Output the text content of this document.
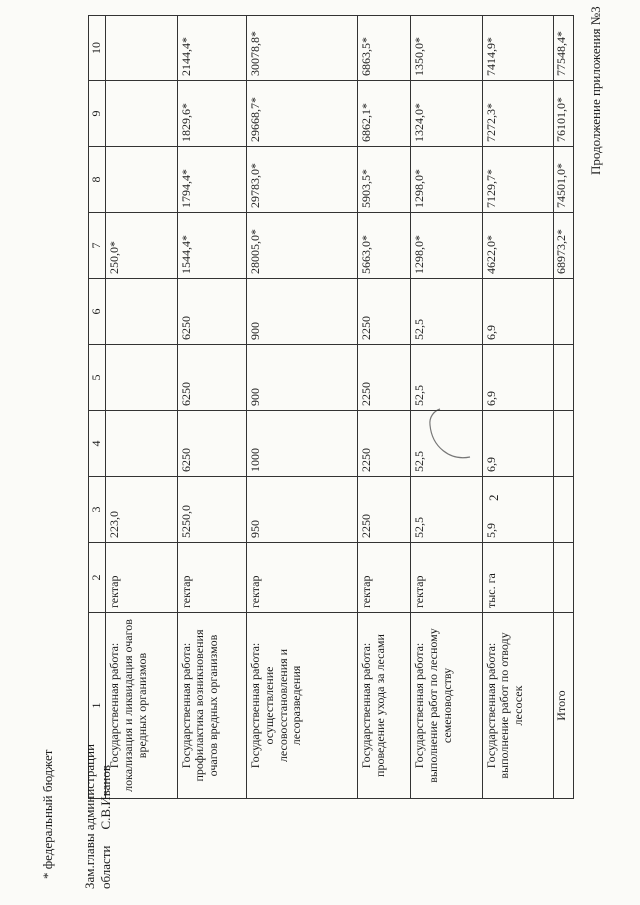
2
Продолжение приложения №3
1	2	3	4	5	6	7	8	9	10
Государственная работа: локализация и ликвидация очагов вредных организмов	гектар	223,0				250,0*			
Государственная работа: профилактика возникновения очагов вредных организмов	гектар	5250,0	6250	6250	6250	1544,4*	1794,4*	1829,6*	2144,4*
Государственная работа: осуществление лесовосстановления и лесоразведения	гектар	950	1000	900	900	28005,0*	29783,0*	29668,7*	30078,8*
Государственная работа: проведение ухода за лесами	гектар	2250	2250	2250	2250	5663,0*	5903,5*	6862,1*	6863,5*
Государственная работа: выполнение работ по лесному семеноводству	гектар	52,5	52,5	52,5	52,5	1298,0*	1298,0*	1324,0*	1350,0*
Государственная работа: выполнение работ по отводу лесосек	тыс. га	5,9	6,9	6,9	6,9	4622,0*	7129,7*	7272,3*	7414,9*
Итого						68973,2*	74501,0*	76101,0*	77548,4*
* федеральный бюджет Зам.главы администрации областиС.В.Иванов
